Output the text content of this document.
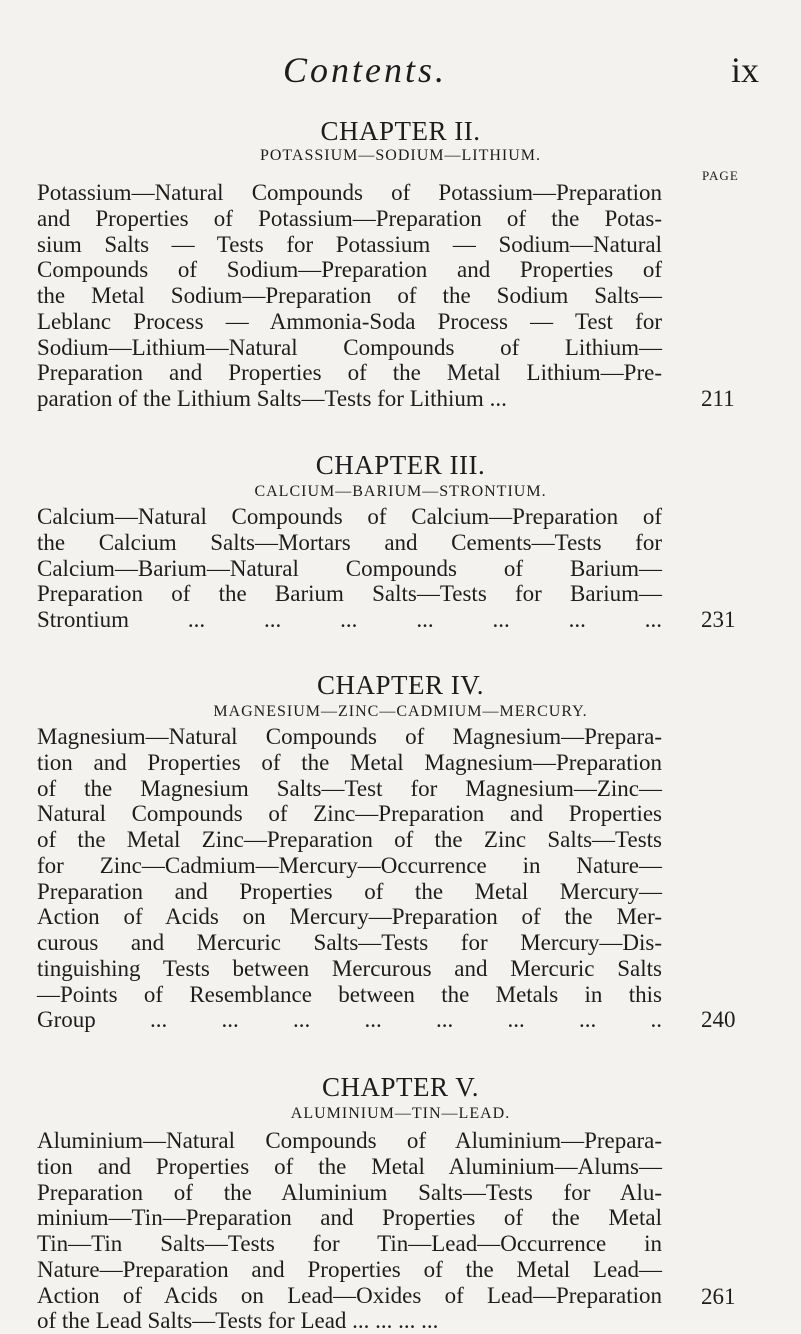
Contents.	ix
CHAPTER II.
POTASSIUM—SODIUM—LITHIUM.
PAGE

Potassium—Natural Compounds of Potassium—Preparation
and Properties of Potassium—Preparation of the Potas-
sium Salts — Tests for Potassium — Sodium—Natural
Compounds of Sodium—Preparation and Properties of
the Metal Sodium—Preparation of the Sodium Salts—
Leblanc Process — Ammonia-Soda Process — Test for
Sodium—Lithium—Natural Compounds of Lithium—
Preparation and Properties of the Metal Lithium—Pre-
paration of the Lithium Salts—Tests for Lithium ...	211
CHAPTER III.
CALCIUM—BARIUM—STRONTIUM.

Calcium—Natural Compounds of Calcium—Preparation of
the Calcium Salts—Mortars and Cements—Tests for
Calcium—Barium—Natural Compounds of Barium—
Preparation of the Barium Salts—Tests for Barium—
Strontium ... ... ... ... ... ... ... 231
CHAPTER IV.
MAGNESIUM—ZINC—CADMIUM—MERCURY.

Magnesium—Natural Compounds of Magnesium—Prepara-
tion and Properties of the Metal Magnesium—Preparation
of the Magnesium Salts—Test for Magnesium—Zinc—
Natural Compounds of Zinc—Preparation and Properties
of the Metal Zinc—Preparation of the Zinc Salts—Tests
for Zinc—Cadmium—Mercury—Occurrence in Nature—
Preparation and Properties of the Metal Mercury—
Action of Acids on Mercury—Preparation of the Mer-
curous and Mercuric Salts—Tests for Mercury—Dis-
tinguishing Tests between Mercurous and Mercuric Salts
—Points of Resemblance between the Metals in this
Group ... ... ... ... ... ... ... .. 240
CHAPTER V.
ALUMINIUM—TIN—LEAD.

Aluminium—Natural Compounds of Aluminium—Prepara-
tion and Properties of the Metal Aluminium—Alums—
Preparation of the Aluminium Salts—Tests for Alu-
minium—Tin—Preparation and Properties of the Metal
Tin—Tin Salts—Tests for Tin—Lead—Occurrence in
Nature—Preparation and Properties of the Metal Lead—
Action of Acids on Lead—Oxides of Lead—Preparation
of the Lead Salts—Tests for Lead ... ... ... ...

261
